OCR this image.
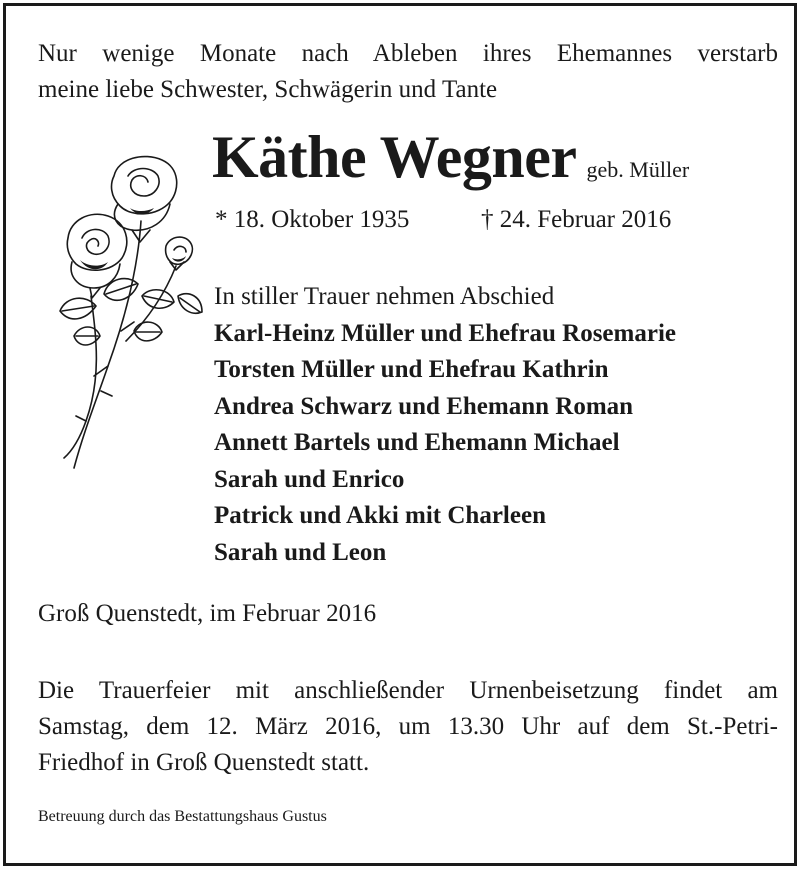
Nur wenige Monate nach Ableben ihres Ehemannes verstarb
meine liebe Schwester, Schwägerin und Tante
Käthe Wegner geb. Müller
* 18. Oktober 1935	† 24. Februar 2016
In stiller Trauer nehmen Abschied
Karl-Heinz Müller und Ehefrau Rosemarie
Torsten Müller und Ehefrau Kathrin
Andrea Schwarz und Ehemann Roman
Annett Bartels und Ehemann Michael
Sarah und Enrico
Patrick und Akki mit Charleen
Sarah und Leon
Groß Quenstedt, im Februar 2016
Die Trauerfeier mit anschließender Urnenbeisetzung findet am
Samstag, dem 12. März 2016, um 13.30 Uhr auf dem St.-Petri-
Friedhof in Groß Quenstedt statt.
Betreuung durch das Bestattungshaus Gustus
